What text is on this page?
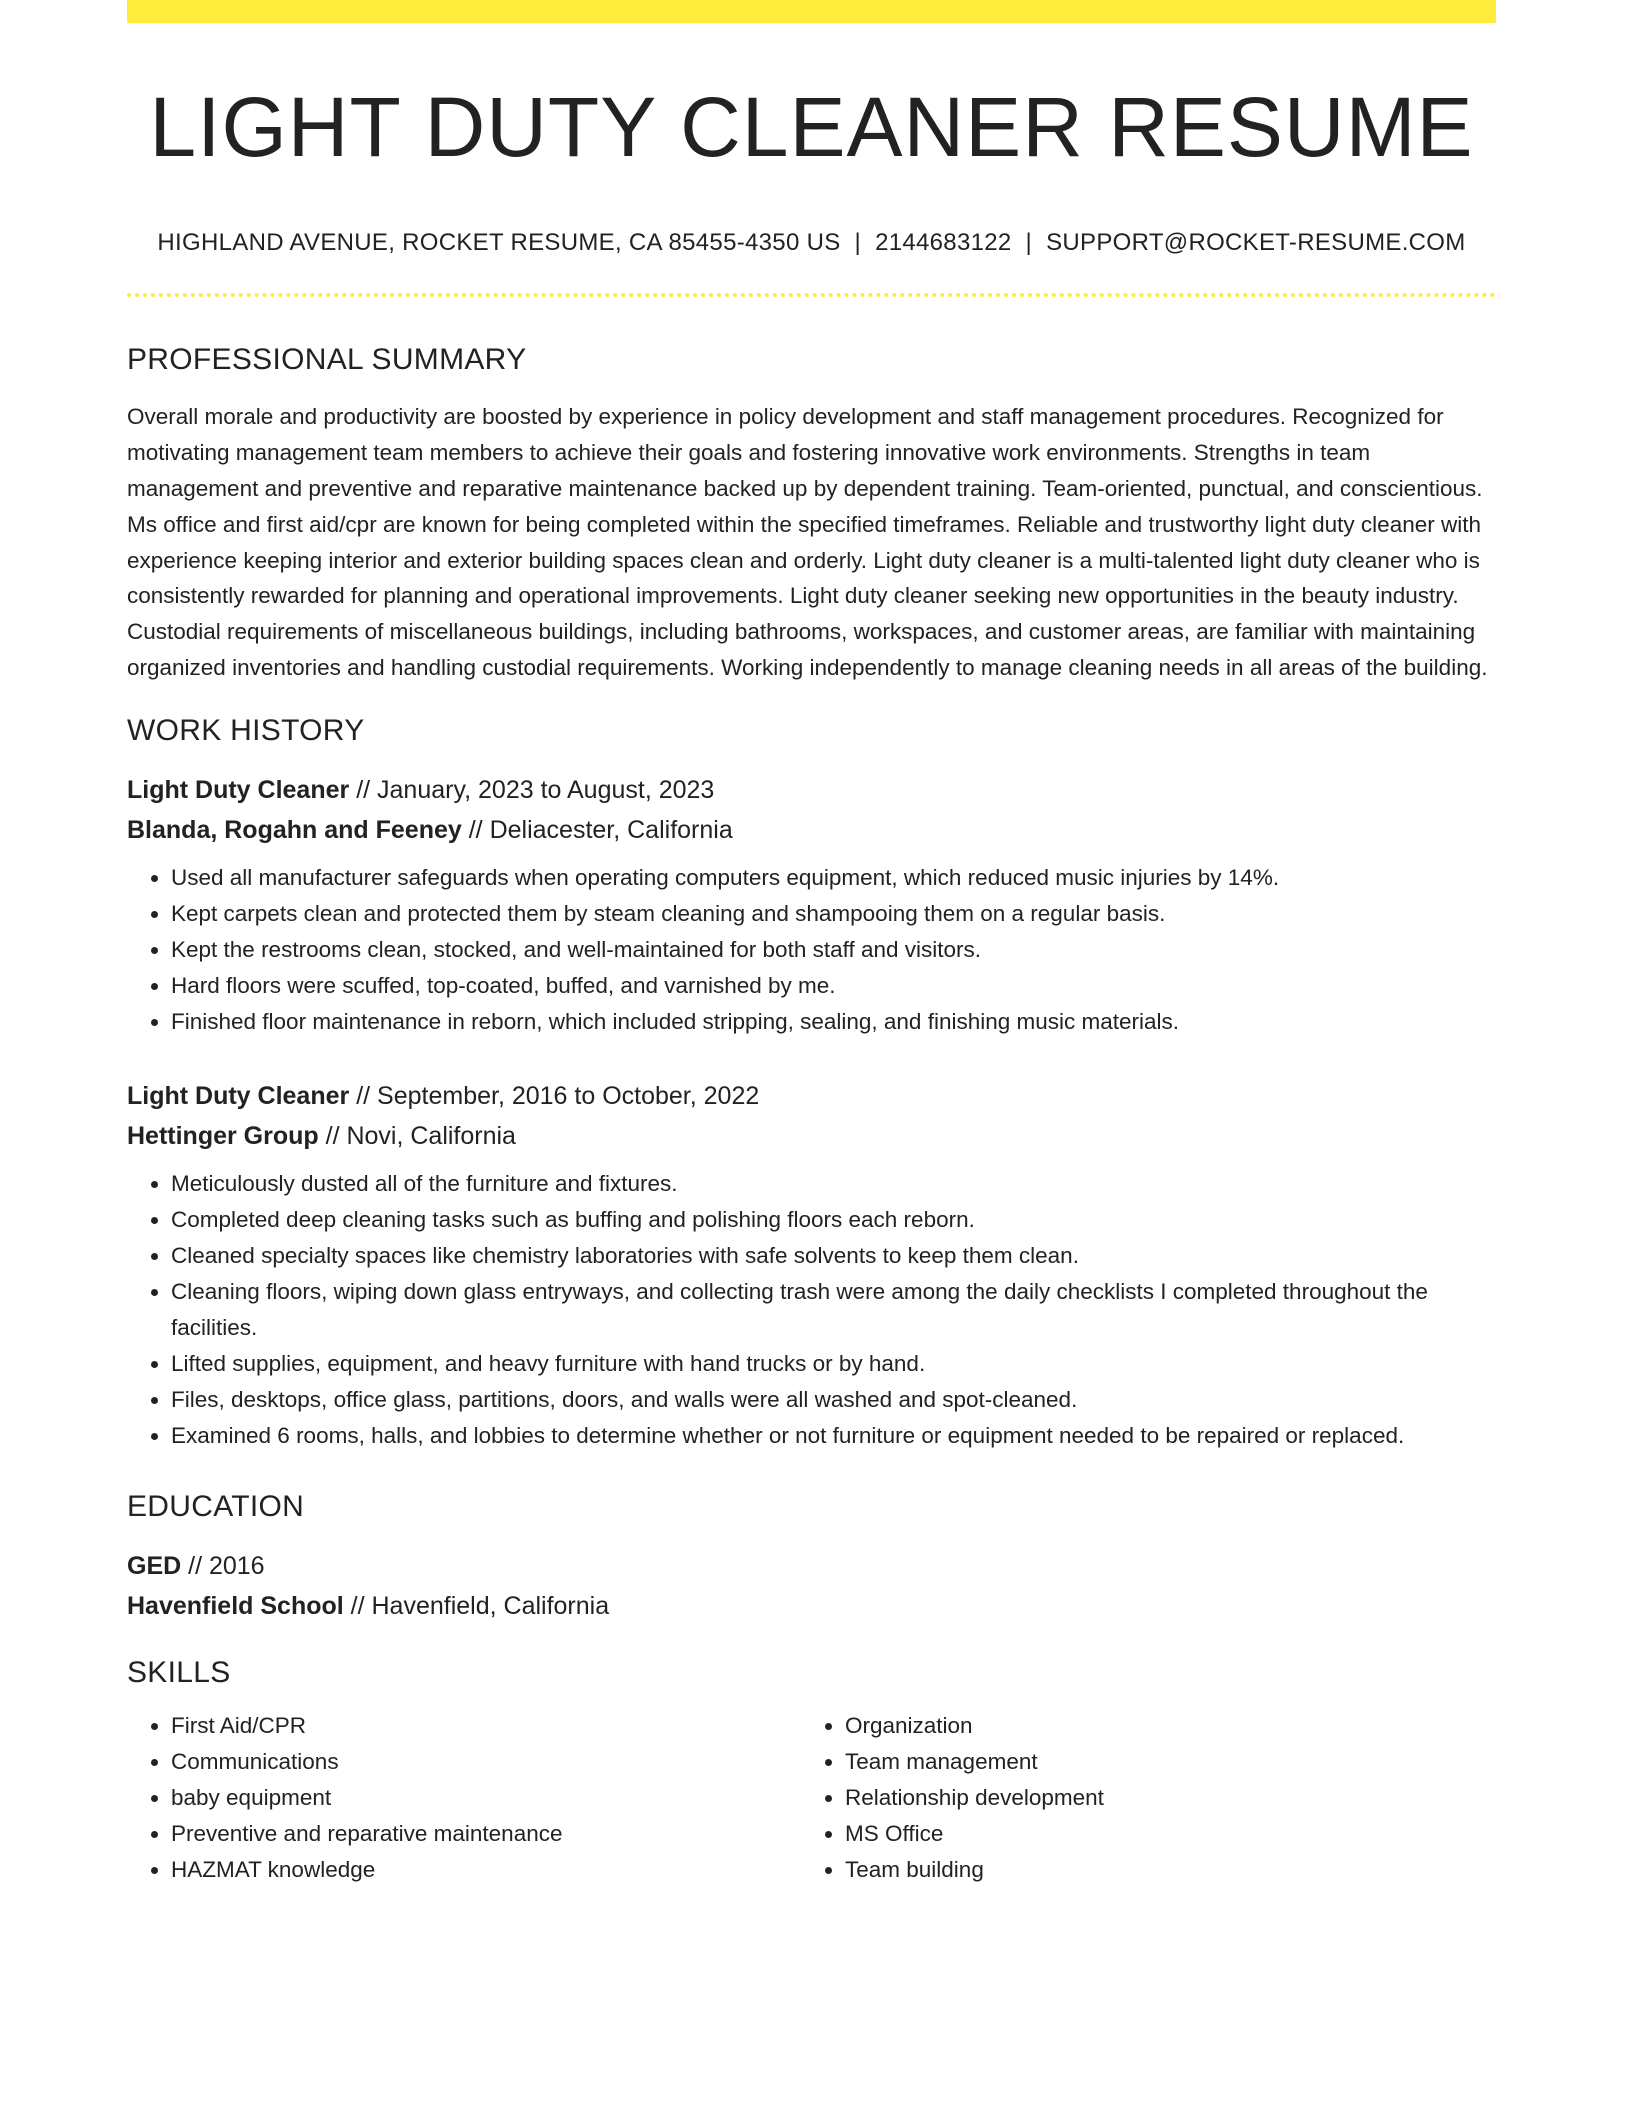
LIGHT DUTY CLEANER RESUME
HIGHLAND AVENUE, ROCKET RESUME, CA 85455-4350 US | 2144683122 | SUPPORT@ROCKET-RESUME.COM
PROFESSIONAL SUMMARY
Overall morale and productivity are boosted by experience in policy development and staff management procedures. Recognized for motivating management team members to achieve their goals and fostering innovative work environments. Strengths in team management and preventive and reparative maintenance backed up by dependent training. Team-oriented, punctual, and conscientious. Ms office and first aid/cpr are known for being completed within the specified timeframes. Reliable and trustworthy light duty cleaner with experience keeping interior and exterior building spaces clean and orderly. Light duty cleaner is a multi-talented light duty cleaner who is consistently rewarded for planning and operational improvements. Light duty cleaner seeking new opportunities in the beauty industry. Custodial requirements of miscellaneous buildings, including bathrooms, workspaces, and customer areas, are familiar with maintaining organized inventories and handling custodial requirements. Working independently to manage cleaning needs in all areas of the building.
WORK HISTORY
Light Duty Cleaner // January, 2023 to August, 2023
Blanda, Rogahn and Feeney // Deliacester, California
• Used all manufacturer safeguards when operating computers equipment, which reduced music injuries by 14%.
• Kept carpets clean and protected them by steam cleaning and shampooing them on a regular basis.
• Kept the restrooms clean, stocked, and well-maintained for both staff and visitors.
• Hard floors were scuffed, top-coated, buffed, and varnished by me.
• Finished floor maintenance in reborn, which included stripping, sealing, and finishing music materials.
Light Duty Cleaner // September, 2016 to October, 2022
Hettinger Group // Novi, California
• Meticulously dusted all of the furniture and fixtures.
• Completed deep cleaning tasks such as buffing and polishing floors each reborn.
• Cleaned specialty spaces like chemistry laboratories with safe solvents to keep them clean.
• Cleaning floors, wiping down glass entryways, and collecting trash were among the daily checklists I completed throughout the facilities.
• Lifted supplies, equipment, and heavy furniture with hand trucks or by hand.
• Files, desktops, office glass, partitions, doors, and walls were all washed and spot-cleaned.
• Examined 6 rooms, halls, and lobbies to determine whether or not furniture or equipment needed to be repaired or replaced.
EDUCATION
GED // 2016
Havenfield School // Havenfield, California
SKILLS
• First Aid/CPR
• Communications
• baby equipment
• Preventive and reparative maintenance
• HAZMAT knowledge
• Organization
• Team management
• Relationship development
• MS Office
• Team building
